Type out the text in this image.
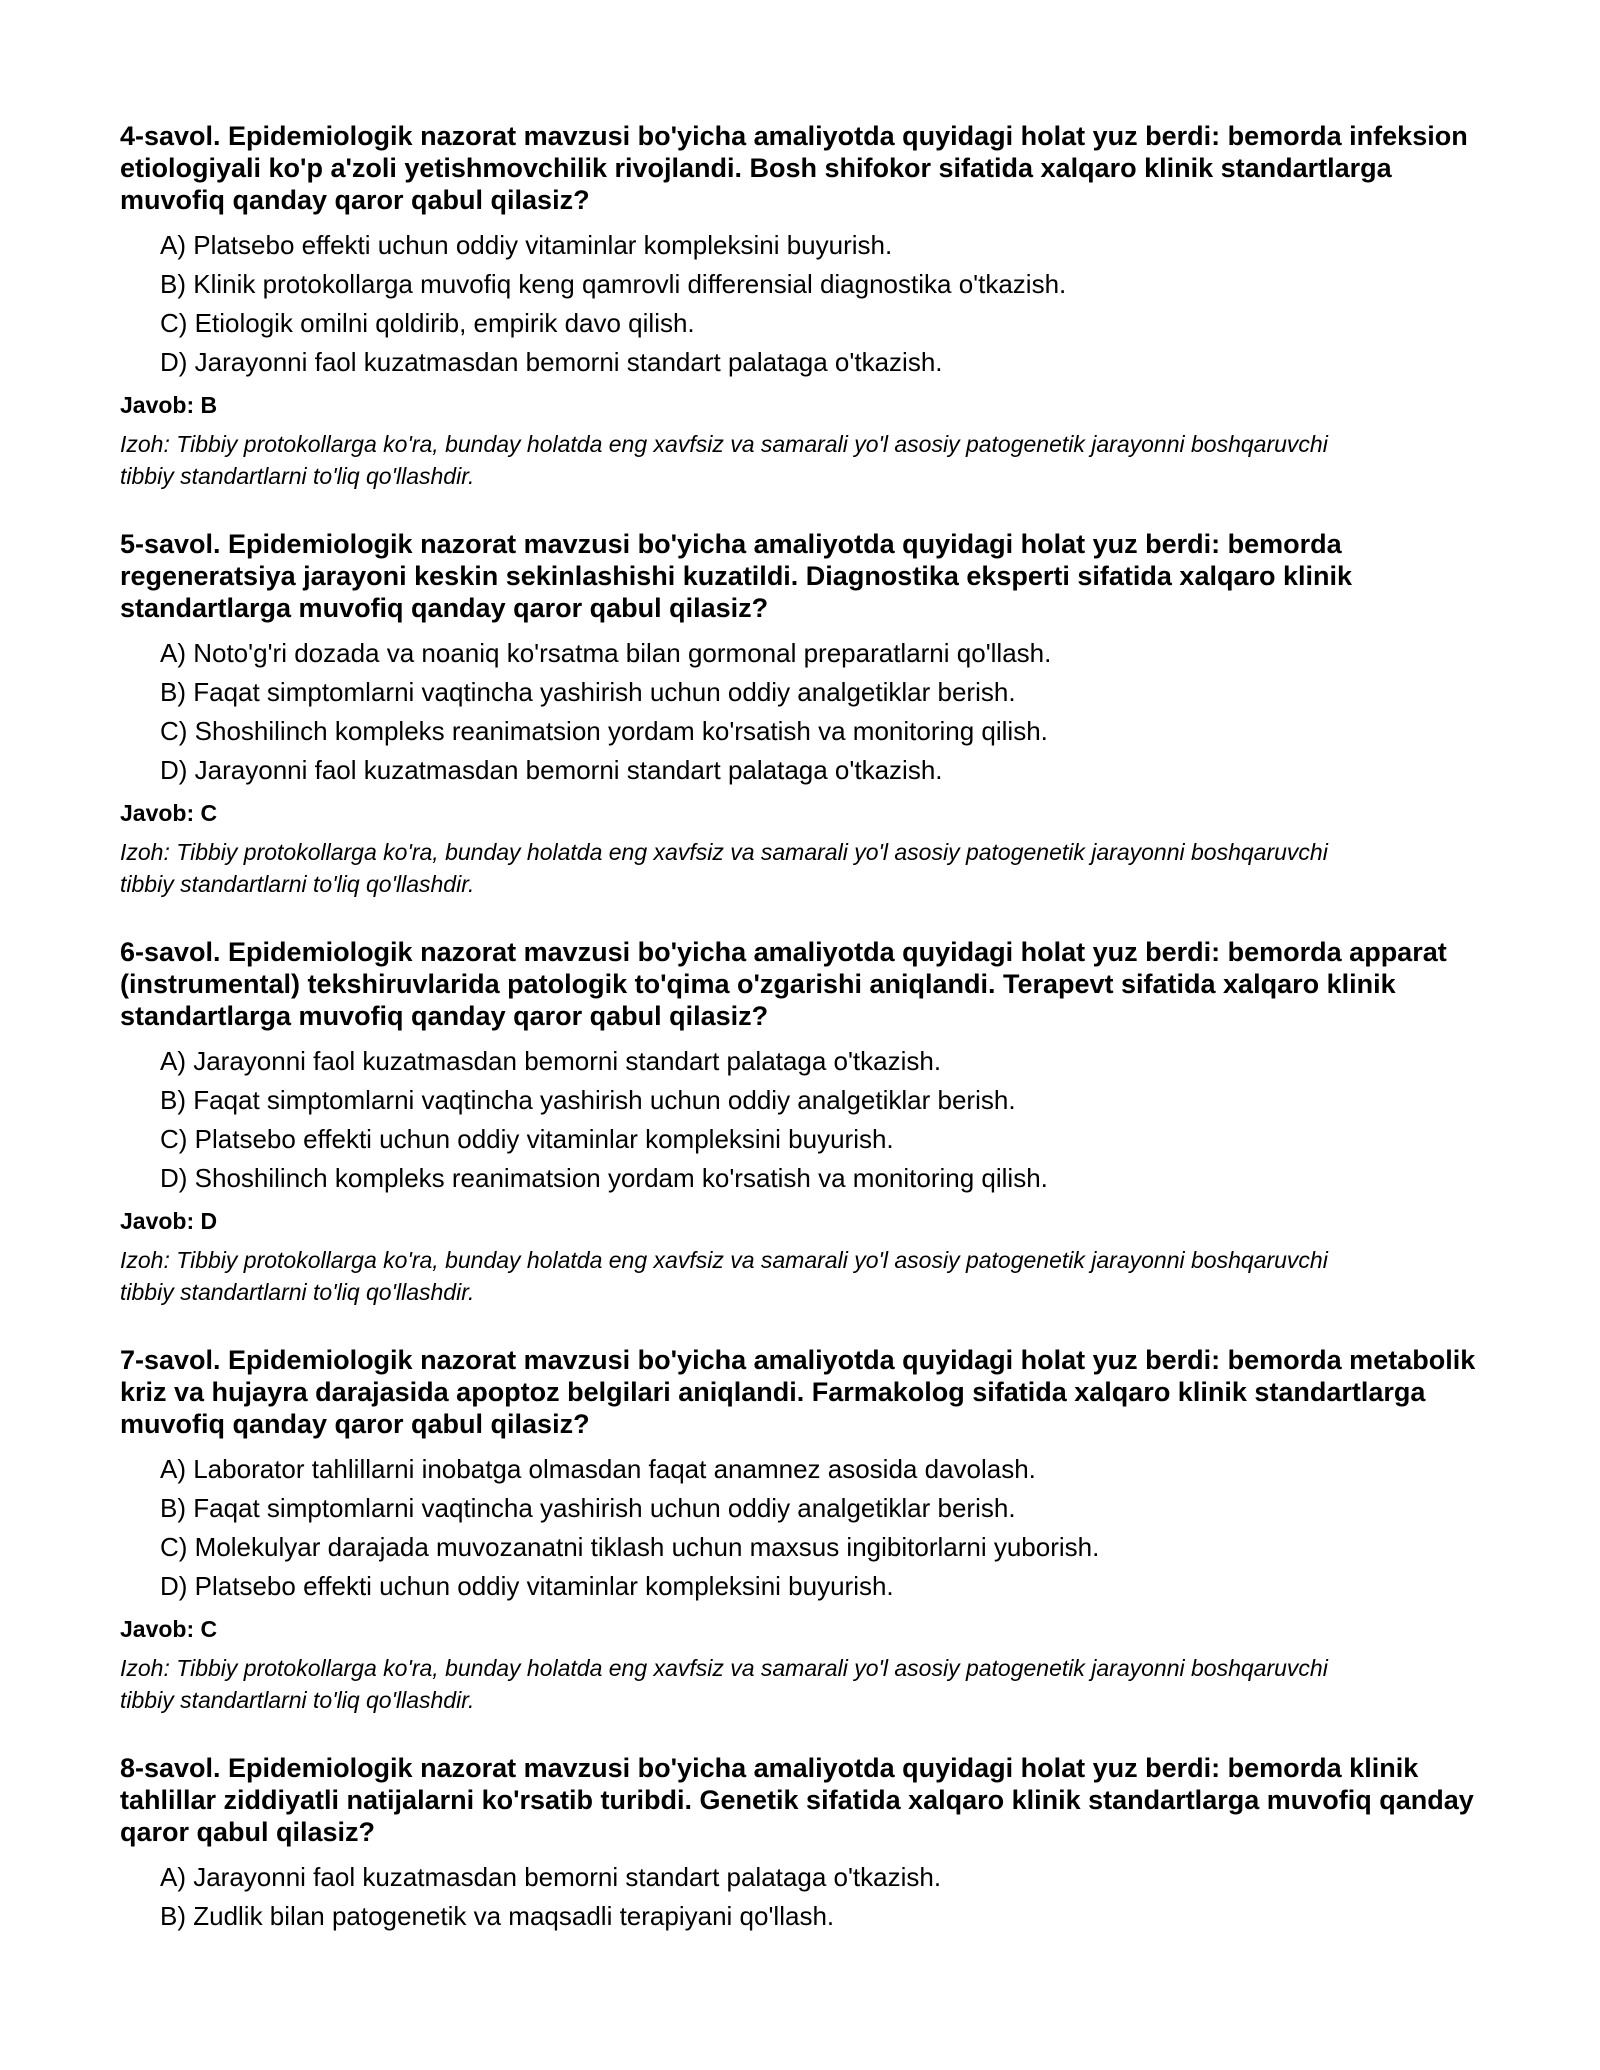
4-savol. Epidemiologik nazorat mavzusi bo'yicha amaliyotda quyidagi holat yuz berdi: bemorda infeksion etiologiyali ko'p a'zoli yetishmovchilik rivojlandi. Bosh shifokor sifatida xalqaro klinik standartlarga muvofiq qanday qaror qabul qilasiz?

A) Platsebo effekti uchun oddiy vitaminlar kompleksini buyurish.
B) Klinik protokollarga muvofiq keng qamrovli differensial diagnostika o'tkazish.
C) Etiologik omilni qoldirib, empirik davo qilish.
D) Jarayonni faol kuzatmasdan bemorni standart palataga o'tkazish.
Javob: B
Izoh: Tibbiy protokollarga ko'ra, bunday holatda eng xavfsiz va samarali yo'l asosiy patogenetik jarayonni boshqaruvchi tibbiy standartlarni to'liq qo'llashdir.

5-savol. Epidemiologik nazorat mavzusi bo'yicha amaliyotda quyidagi holat yuz berdi: bemorda regeneratsiya jarayoni keskin sekinlashishi kuzatildi. Diagnostika eksperti sifatida xalqaro klinik standartlarga muvofiq qanday qaror qabul qilasiz?

A) Noto'g'ri dozada va noaniq ko'rsatma bilan gormonal preparatlarni qo'llash.
B) Faqat simptomlarni vaqtincha yashirish uchun oddiy analgetiklar berish.
C) Shoshilinch kompleks reanimatsion yordam ko'rsatish va monitoring qilish.
D) Jarayonni faol kuzatmasdan bemorni standart palataga o'tkazish.
Javob: C
Izoh: Tibbiy protokollarga ko'ra, bunday holatda eng xavfsiz va samarali yo'l asosiy patogenetik jarayonni boshqaruvchi tibbiy standartlarni to'liq qo'llashdir.

6-savol. Epidemiologik nazorat mavzusi bo'yicha amaliyotda quyidagi holat yuz berdi: bemorda apparat (instrumental) tekshiruvlarida patologik to'qima o'zgarishi aniqlandi. Terapevt sifatida xalqaro klinik standartlarga muvofiq qanday qaror qabul qilasiz?

A) Jarayonni faol kuzatmasdan bemorni standart palataga o'tkazish.
B) Faqat simptomlarni vaqtincha yashirish uchun oddiy analgetiklar berish.
C) Platsebo effekti uchun oddiy vitaminlar kompleksini buyurish.
D) Shoshilinch kompleks reanimatsion yordam ko'rsatish va monitoring qilish.
Javob: D
Izoh: Tibbiy protokollarga ko'ra, bunday holatda eng xavfsiz va samarali yo'l asosiy patogenetik jarayonni boshqaruvchi tibbiy standartlarni to'liq qo'llashdir.

7-savol. Epidemiologik nazorat mavzusi bo'yicha amaliyotda quyidagi holat yuz berdi: bemorda metabolik kriz va hujayra darajasida apoptoz belgilari aniqlandi. Farmakolog sifatida xalqaro klinik standartlarga muvofiq qanday qaror qabul qilasiz?

A) Laborator tahlillarni inobatga olmasdan faqat anamnez asosida davolash.
B) Faqat simptomlarni vaqtincha yashirish uchun oddiy analgetiklar berish.
C) Molekulyar darajada muvozanatni tiklash uchun maxsus ingibitorlarni yuborish.
D) Platsebo effekti uchun oddiy vitaminlar kompleksini buyurish.
Javob: C
Izoh: Tibbiy protokollarga ko'ra, bunday holatda eng xavfsiz va samarali yo'l asosiy patogenetik jarayonni boshqaruvchi tibbiy standartlarni to'liq qo'llashdir.

8-savol. Epidemiologik nazorat mavzusi bo'yicha amaliyotda quyidagi holat yuz berdi: bemorda klinik tahlillar ziddiyatli natijalarni ko'rsatib turibdi. Genetik sifatida xalqaro klinik standartlarga muvofiq qanday qaror qabul qilasiz?

A) Jarayonni faol kuzatmasdan bemorni standart palataga o'tkazish.
B) Zudlik bilan patogenetik va maqsadli terapiyani qo'llash.
